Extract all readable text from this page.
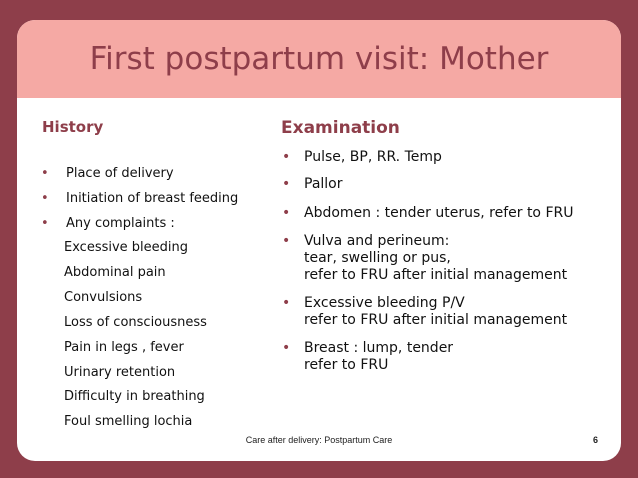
First postpartum visit: Mother
History
• Place of delivery
• Initiation of breast feeding
• Any complaints :
Excessive bleeding
Abdominal pain
Convulsions
Loss of consciousness
Pain in legs , fever
Urinary retention
Difficulty in breathing
Foul smelling lochia
Examination
• Pulse, BP, RR. Temp
• Pallor
• Abdomen : tender uterus, refer to FRU
• Vulva and perineum:
tear, swelling or pus,
refer to FRU after initial management
• Excessive bleeding P/V
refer to FRU after initial management
• Breast : lump, tender
refer to FRU
Care after delivery: Postpartum Care	6
